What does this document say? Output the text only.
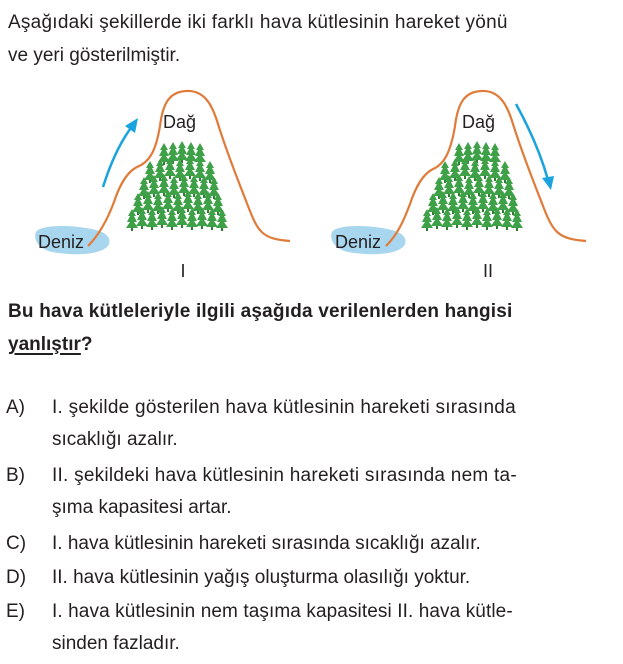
Aşağıdaki şekillerde iki farklı hava kütlesinin hareket yönü
ve yeri gösterilmiştir.
Deniz
Dağ
I
Deniz
Dağ
II
Bu hava kütleleriyle ilgili aşağıda verilenlerden hangisi
yanlıştır?
A) I. şekilde gösterilen hava kütlesinin hareketi sırasında
sıcaklığı azalır.
B) II. şekildeki hava kütlesinin hareketi sırasında nem ta-
şıma kapasitesi artar.
C) I. hava kütlesinin hareketi sırasında sıcaklığı azalır.
D) II. hava kütlesinin yağış oluşturma olasılığı yoktur.
E) I. hava kütlesinin nem taşıma kapasitesi II. hava kütle-
sinden fazladır.
